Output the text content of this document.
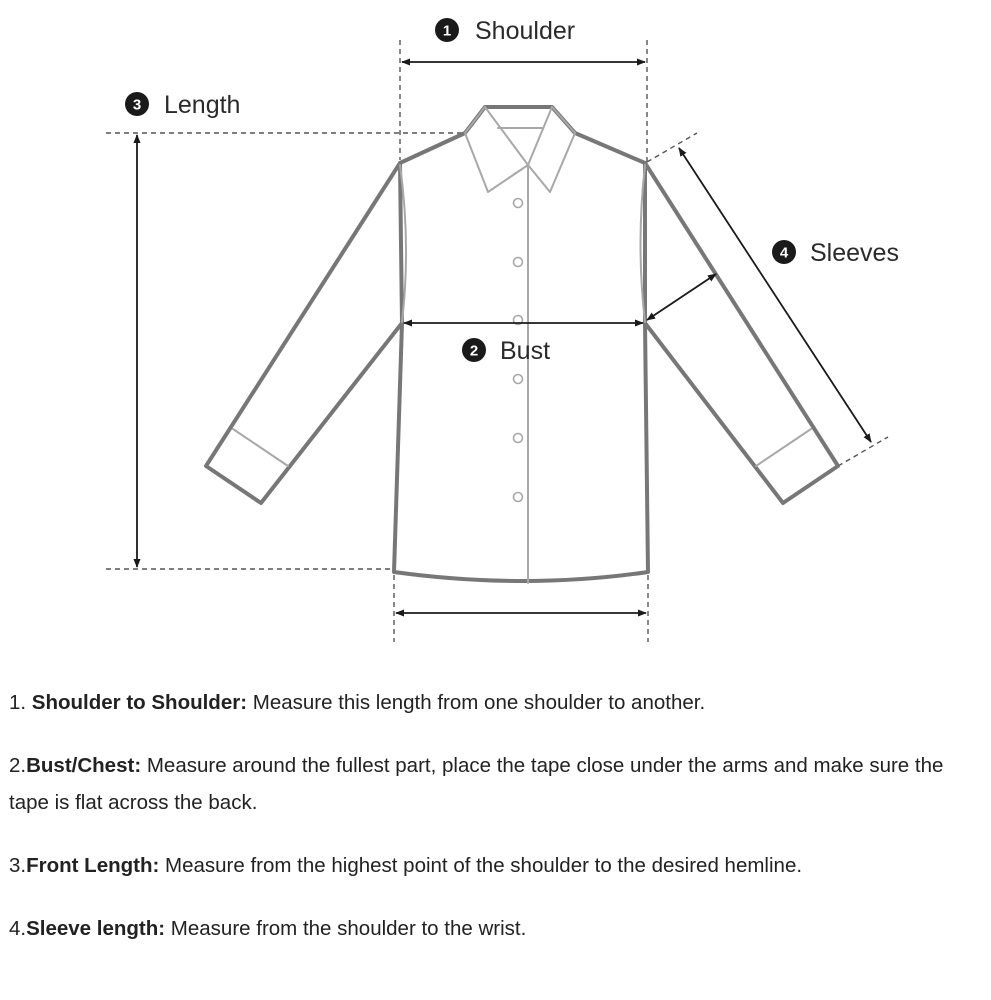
1 Shoulder
2 Bust
3 Length
4 Sleeves

1. Shoulder to Shoulder: Measure this length from one shoulder to another.

2.Bust/Chest: Measure around the fullest part, place the tape close under the arms and make sure the tape is flat across the back.

3.Front Length: Measure from the highest point of the shoulder to the desired hemline.

4.Sleeve length: Measure from the shoulder to the wrist.
